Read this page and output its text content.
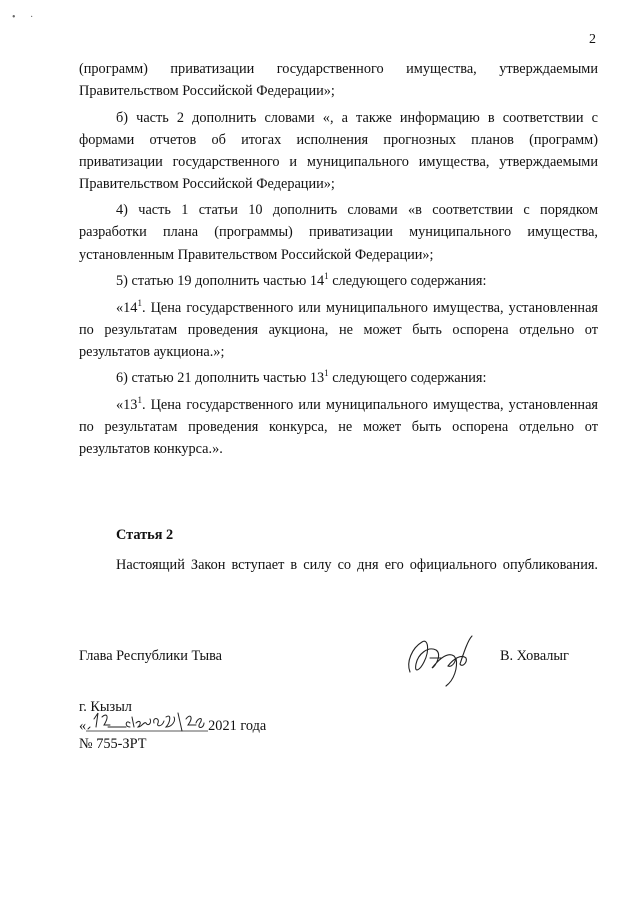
• ·
2

(программ) приватизации государственного имущества, утверждаемыми Правительством Российской Федерации»;

б) часть 2 дополнить словами «, а также информацию в соответствии с формами отчетов об итогах исполнения прогнозных планов (программ) приватизации государственного и муниципального имущества, утверждаемыми Правительством Российской Федерации»;

4) часть 1 статьи 10 дополнить словами «в соответствии с порядком разработки плана (программы) приватизации муниципального имущества, установленным Правительством Российской Федерации»;

5) статью 19 дополнить частью $14^1$ следующего содержания:

«$14^1$. Цена государственного или муниципального имущества, установленная по результатам проведения аукциона, не может быть оспорена отдельно от результатов аукциона.»;

6) статью 21 дополнить частью $13^1$ следующего содержания:

«$13^1$. Цена государственного или муниципального имущества, установленная по результатам проведения конкурса, не может быть оспорена отдельно от результатов конкурса.».

Статья 2
Настоящий Закон вступает в силу со дня его официального опубликования.
Глава Республики Тыва	В. Ховалыг
г. Кызыл
«	2021 года
№ 755-ЗРТ
